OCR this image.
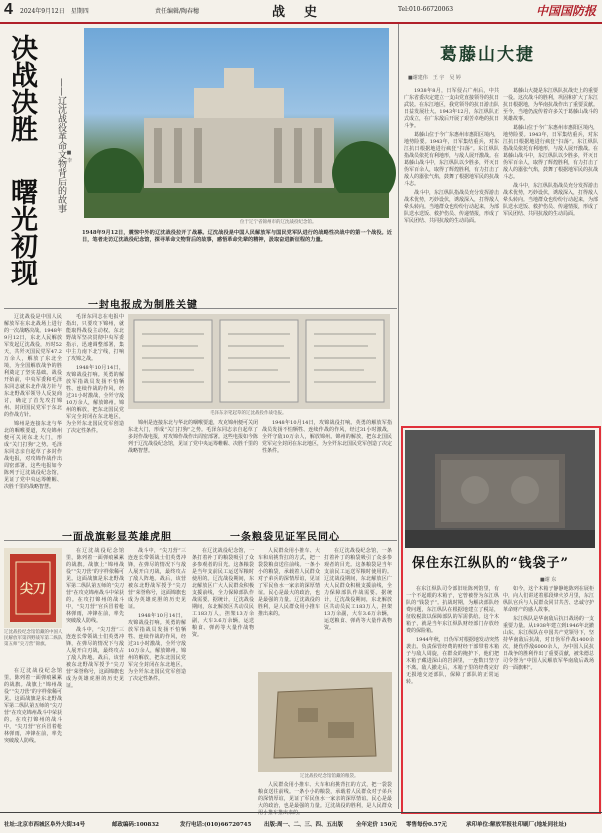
4 2024年9月12日　星期四	责任编辑/陶春穗	战　史	Tel:010-66720063	中国国防报
决战决胜
曙光初现
——辽沈战役革命文物背后的故事 ■ 李
位于辽宁省锦州市的辽沈战役纪念馆。
1948年9月12日，震惊中外的辽沈战役拉开了战幕。辽沈战役是中国人民解放军与国民党军队进行的战略性决战中的第一个战役。近日，笔者走访辽沈战役纪念馆，探寻革命文物背后的故事，感悟革命先辈的精神，汲取奋进新征程的力量。
一封电报成为制胜关键

辽沈战役是中国人民解放军在东北战场上进行的一次战略决战。1948年9月12日，东北人民解放军发起辽沈战役，历时52天，共歼灭国民党军47.2万余人，解放了东北全境，为全国解放战争的胜利奠定了坚实基础。战役开始前，中央军委和毛泽东同志就东北作战方针与东北野战军领导人反复商讨，确定了首先攻打锦州、封闭国民党军于东北的作战方针。

锦州是连接东北与华北的咽喉要道，攻克锦州便可关闭东北大门，形成“关门打狗”之势。毛泽东同志亲自起草了多封作战电报，对攻锦作战作出周密部署。这些电报如今陈列于辽沈战役纪念馆，见证了党中央运筹帷幄、决胜千里的战略智慧。

毛泽东同志在电报中指出，只要攻下锦州，就能取得战役主动权。东北野战军坚决贯彻中央军委指示，迅速调整部署，集中主力南下北宁线，打响了攻锦之战。

1948年10月14日，攻锦战役打响。英勇的解放军指战员发扬不怕牺牲、连续作战的作风，经过31小时激战，全歼守敌10万余人，解放锦州。锦州的解放，把东北国民党军完全封闭在东北地区，为全歼东北国民党军创造了决定性条件。

毛泽东亲笔起草的辽沈战役作战电报。

锦州是连接东北与华北的咽喉要道，攻克锦州便可关闭东北大门，形成“关门打狗”之势。毛泽东同志亲自起草了多封作战电报，对攻锦作战作出周密部署。这些电报如今陈列于辽沈战役纪念馆，见证了党中央运筹帷幄、决胜千里的战略智慧。

1948年10月14日，攻锦战役打响。英勇的解放军指战员发扬不怕牺牲、连续作战的作风，经过31小时激战，全歼守敌10万余人，解放锦州。锦州的解放，把东北国民党军完全封闭在东北地区，为全歼东北国民党军创造了决定性条件。

一面战旗彰显英雄虎胆
尖刀
辽沈战役纪念馆馆藏的中国人民解放军第四野战军第二纵队第五师“尖刀营”锦旗。

在辽沈战役纪念馆里，陈列着一面弹痕累累的战旗。战旗上“锦州战役”“尖刀营”的字样依稀可见。这面战旗是东北野战军第二纵队第五师的“尖刀营”在攻克锦州战斗中荣获的。在攻打锦州的战斗中，“尖刀营”官兵冒着枪林弹雨，冲锋在前，率先突破敌人防线。

在辽沈战役纪念馆里，陈列着一面弹痕累累的战旗。战旗上“锦州战役”“尖刀营”的字样依稀可见。这面战旗是东北野战军第二纵队第五师的“尖刀营”在攻克锦州战斗中荣获的。在攻打锦州的战斗中，“尖刀营”官兵冒着枪林弹雨，冲锋在前，率先突破敌人防线。

战斗中，“尖刀营”三连连长带领战士们英勇冲锋，在弹尽的情况下与敌人展开白刃战，最终攻占了敌人阵地。战后，该营被东北野战军授予“尖刀营”荣誉称号，这面锦旗也成为英雄虎胆的历史见证。

战斗中，“尖刀营”三连连长带领战士们英勇冲锋，在弹尽的情况下与敌人展开白刃战，最终攻占了敌人阵地。战后，该营被东北野战军授予“尖刀营”荣誉称号，这面锦旗也成为英雄虎胆的历史见证。

1948年10月14日，攻锦战役打响。英勇的解放军指战员发扬不怕牺牲、连续作战的作风，经过31小时激战，全歼守敌10万余人，解放锦州。锦州的解放，把东北国民党军完全封闭在东北地区，为全歼东北国民党军创造了决定性条件。

一条粮袋见证军民同心

在辽沈战役纪念馆，一条打着补丁的粮袋吸引了众多参观者的目光。这条粮袋是当年支前民工运送军粮时使用的。辽沈战役期间，东北解放区广大人民群众积极支援前线，全力保障部队作战需要。据统计，辽沈战役期间，东北解放区共动员民工183万人，担架13万余副，大车3.6万余辆，运送粮食、弹药等大量作战物资。

人民群众用小推车、大车和肩挑背扛的方式，把一袋袋粮食送往前线。一条小小的粮袋，承载着人民群众对子弟兵的深情厚谊，见证了军民鱼水一家亲的深厚情谊。民心是最大的政治，也是最强的力量。辽沈战役的胜利，是人民群众用小推车推出来的。

在辽沈战役纪念馆，一条打着补丁的粮袋吸引了众多参观者的目光。这条粮袋是当年支前民工运送军粮时使用的。辽沈战役期间，东北解放区广大人民群众积极支援前线，全力保障部队作战需要。据统计，辽沈战役期间，东北解放区共动员民工183万人，担架13万余副，大车3.6万余辆，运送粮食、弹药等大量作战物资。

辽沈战役纪念馆馆藏的粮袋。

人民群众用小推车、大车和肩挑背扛的方式，把一袋袋粮食送往前线。一条小小的粮袋，承载着人民群众对子弟兵的深情厚谊，见证了军民鱼水一家亲的深厚情谊。民心是最大的政治，也是最强的力量。辽沈战役的胜利，是人民群众用小推车推出来的。

葛藤山大捷
■谢建伟　王 宇　吴 婷

1938年8月，日军侵占广州后，中共广东省委决定建立一支由党直接领导的抗日武装。在东江地区，我党领导的抗日游击队日益发展壮大。1943年12月，东江纵队正式成立，在广东敌后开展了艰苦卓绝的抗日斗争。

葛藤山位于今广东惠州市惠阳区境内，地势险要。1943年，日军集结重兵，对东江抗日根据地进行疯狂“扫荡”。东江纵队指战员依托有利地形，与敌人展开激战。在葛藤山战斗中，东江纵队以少胜多，歼灭日伪军百余人，取得了辉煌胜利，有力打击了敌人的嚣张气焰，鼓舞了根据地军民的抗战斗志。

战斗中，东江纵队指战员充分发挥游击战术优势，巧妙设伏，诱敌深入，打得敌人晕头转向。当地群众也纷纷行动起来，为部队送水送饭、救护伤员、传递情报，形成了军民团结、共同抗敌的生动局面。

葛藤山大捷是东江纵队抗战史上的重要一役。这次战斗的胜利，巩固和扩大了东江抗日根据地，为华南抗战作出了重要贡献。至今，当地仍流传着许多关于葛藤山战斗的英雄故事。

葛藤山位于今广东惠州市惠阳区境内，地势险要。1943年，日军集结重兵，对东江抗日根据地进行疯狂“扫荡”。东江纵队指战员依托有利地形，与敌人展开激战。在葛藤山战斗中，东江纵队以少胜多，歼灭日伪军百余人，取得了辉煌胜利，有力打击了敌人的嚣张气焰，鼓舞了根据地军民的抗战斗志。

战斗中，东江纵队指战员充分发挥游击战术优势，巧妙设伏，诱敌深入，打得敌人晕头转向。当地群众也纷纷行动起来，为部队送水送饭、救护伤员、传递情报，形成了军民团结、共同抗敌的生动局面。

保住东江纵队的“钱袋子”
■谢 东

在东江纵队司令部旧址陈列馆里，有一个不起眼的木箱子，它曾被誉为东江纵队的“钱袋子”。抗战时期，为解决部队经费问题，东江纵队在根据地建立了税站，征收税款以保障部队的军需供给。这个木箱子，就是当年东江纵队财经部门存放经费的保险箱。

1944年秋，日伪军对根据地发动突然袭击。负责保管经费的财经干部带着木箱子与敌人周旋，在群众的掩护下，他们把木箱子藏进深山的岩洞里，一连数日坚守不离。敌人撤走后，木箱子里的经费完好无损地交还部队，保障了部队的正常运转。

如今，这个木箱子静静地陈列在展柜中，向人们讲述着那段烽火岁月里，东江纵队官兵与人民群众同甘共苦、忠诚守护革命财产的感人故事。

东江纵队是华南敌后抗日战场的一支重要力量。从1938年建立到1946年北撤山东，东江纵队在中国共产党领导下，坚持华南敌后抗战，对日伪军作战1400余次，毙伤俘敌6000余人，为中国人民抗日战争的胜利作出了重要贡献，被朱德总司令誉为“中国人民解放军华南敌后战场的一面旗帜”。

社址:北京市西城区阜外大街34号	邮政编码:100832	发行电话:(010)66720745 出版:周一、二、三、四、五出版 全年定价 150元 零售每份0.57元	承印单位:解放军报社印刷厂(地址同社址)
